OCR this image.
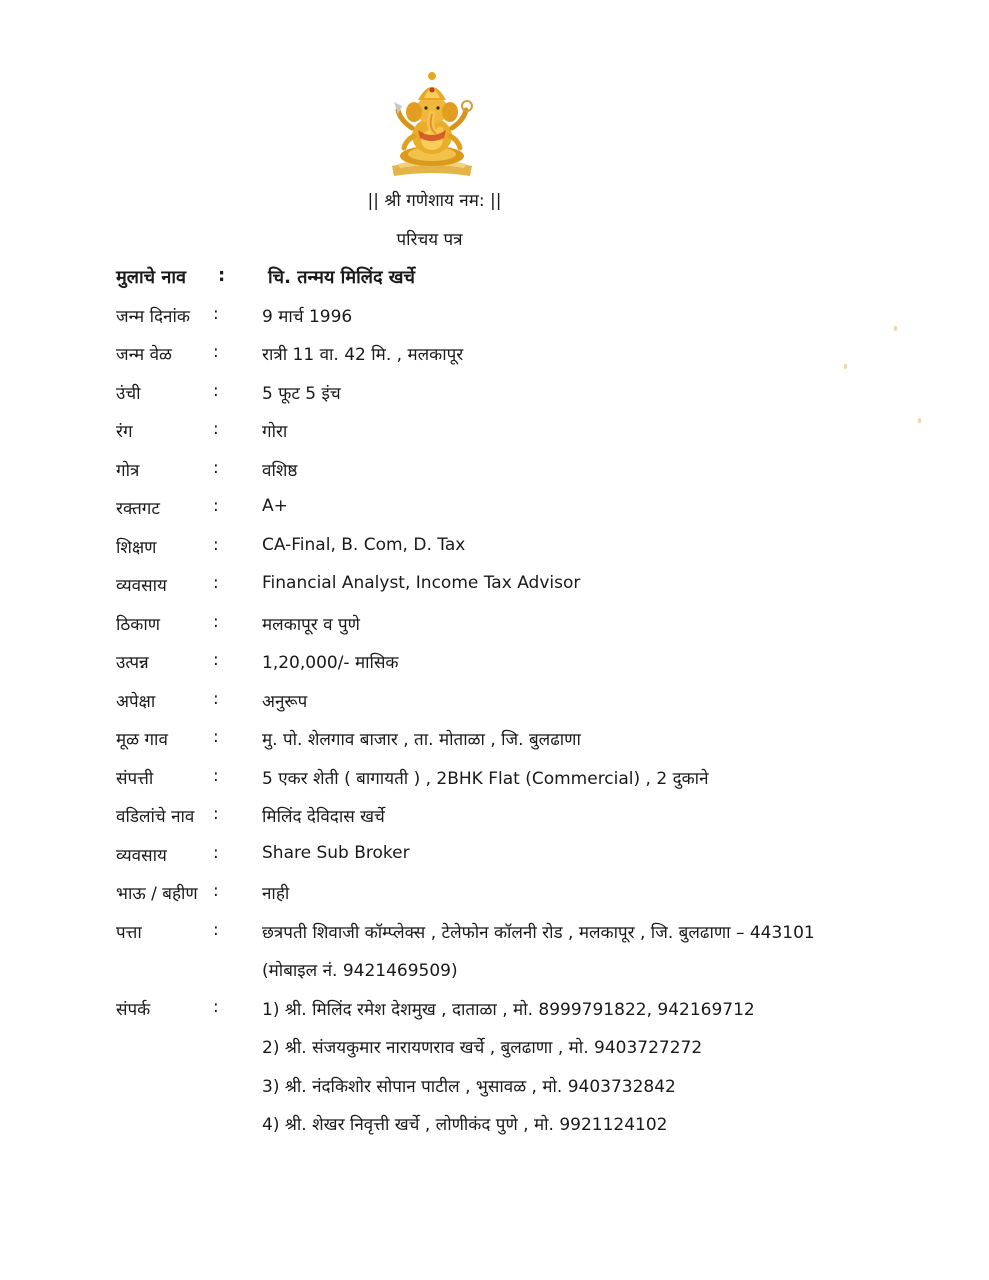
|| श्री गणेशाय नम: ||
परिचय पत्र
मुलाचे नाव : चि. तन्मय मिलिंद खर्चे
जन्म दिनांक :	9 मार्च 1996
जन्म वेळ :	रात्री 11 वा. 42 मि. , मलकापूर
उंची	:	5 फूट 5 इंच
रंग	:	गोरा
गोत्र	:	वशिष्ठ
रक्तगट	:	A+
शिक्षण	:	CA-Final, B. Com, D. Tax
व्यवसाय	:	Financial Analyst, Income Tax Advisor
ठिकाण	:	मलकापूर व पुणे
उत्पन्न	:	1,20,000/- मासिक
अपेक्षा	:	अनुरूप
मूळ गाव	:	मु. पो. शेलगाव बाजार , ता. मोताळा , जि. बुलढाणा
संपत्ती	:	5 एकर शेती ( बागायती ) , 2BHK Flat (Commercial) , 2 दुकाने
वडिलांचे नाव :	मिलिंद देविदास खर्चे
व्यवसाय	:	Share Sub Broker
भाऊ / बहीण :	नाही
पत्ता	:	छत्रपती शिवाजी कॉम्प्लेक्स , टेलेफोन कॉलनी रोड , मलकापूर , जि. बुलढाणा – 443101
संपर्क	:	1) श्री. मिलिंद रमेश देशमुख , दाताळा , मो. 8999791822, 942169712
(मोबाइल नं. 9421469509)
2) श्री. संजयकुमार नारायणराव खर्चे , बुलढाणा , मो. 9403727272
3) श्री. नंदकिशोर सोपान पाटील , भुसावळ , मो. 9403732842
4) श्री. शेखर निवृत्ती खर्चे , लोणीकंद पुणे , मो. 9921124102
